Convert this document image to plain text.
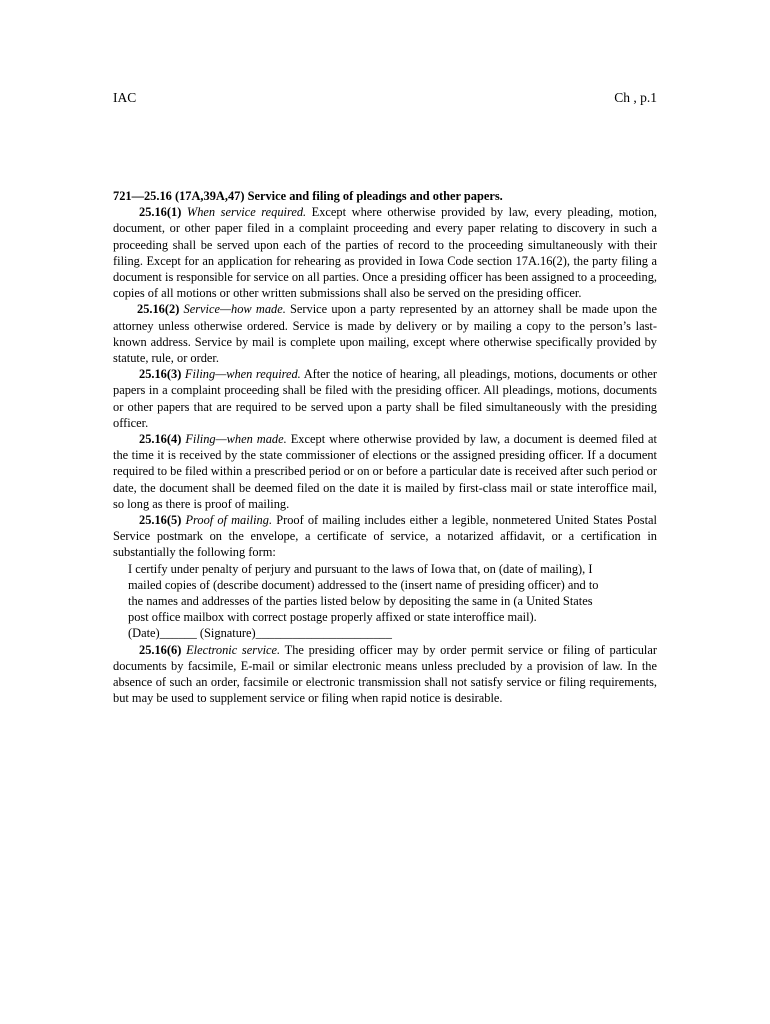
IAC	Ch , p.1

721—25.16 (17A,39A,47) Service and filing of pleadings and other papers.

25.16(1) When service required. Except where otherwise provided by law, every pleading, motion, document, or other paper filed in a complaint proceeding and every paper relating to discovery in such a proceeding shall be served upon each of the parties of record to the proceeding simultaneously with their filing. Except for an application for rehearing as provided in Iowa Code section 17A.16(2), the party filing a document is responsible for service on all parties. Once a presiding officer has been assigned to a proceeding, copies of all motions or other written submissions shall also be served on the presiding officer.

25.16(2) Service—how made. Service upon a party represented by an attorney shall be made upon the attorney unless otherwise ordered. Service is made by delivery or by mailing a copy to the person’s last-known address. Service by mail is complete upon mailing, except where otherwise specifically provided by statute, rule, or order.

25.16(3) Filing—when required. After the notice of hearing, all pleadings, motions, documents or other papers in a complaint proceeding shall be filed with the presiding officer. All pleadings, motions, documents or other papers that are required to be served upon a party shall be filed simultaneously with the presiding officer.

25.16(4) Filing—when made. Except where otherwise provided by law, a document is deemed filed at the time it is received by the state commissioner of elections or the assigned presiding officer. If a document required to be filed within a prescribed period or on or before a particular date is received after such period or date, the document shall be deemed filed on the date it is mailed by first-class mail or state interoffice mail, so long as there is proof of mailing.

25.16(5) Proof of mailing. Proof of mailing includes either a legible, nonmetered United States Postal Service postmark on the envelope, a certificate of service, a notarized affidavit, or a certification in substantially the following form:

I certify under penalty of perjury and pursuant to the laws of Iowa that, on (date of mailing), I

mailed copies of (describe document) addressed to the (insert name of presiding officer) and to

the names and addresses of the parties listed below by depositing the same in (a United States

post office mailbox with correct postage properly affixed or state interoffice mail).

(Date)______ (Signature)______________________

25.16(6) Electronic service. The presiding officer may by order permit service or filing of particular documents by facsimile, E-mail or similar electronic means unless precluded by a provision of law. In the absence of such an order, facsimile or electronic transmission shall not satisfy service or filing requirements, but may be used to supplement service or filing when rapid notice is desirable.
